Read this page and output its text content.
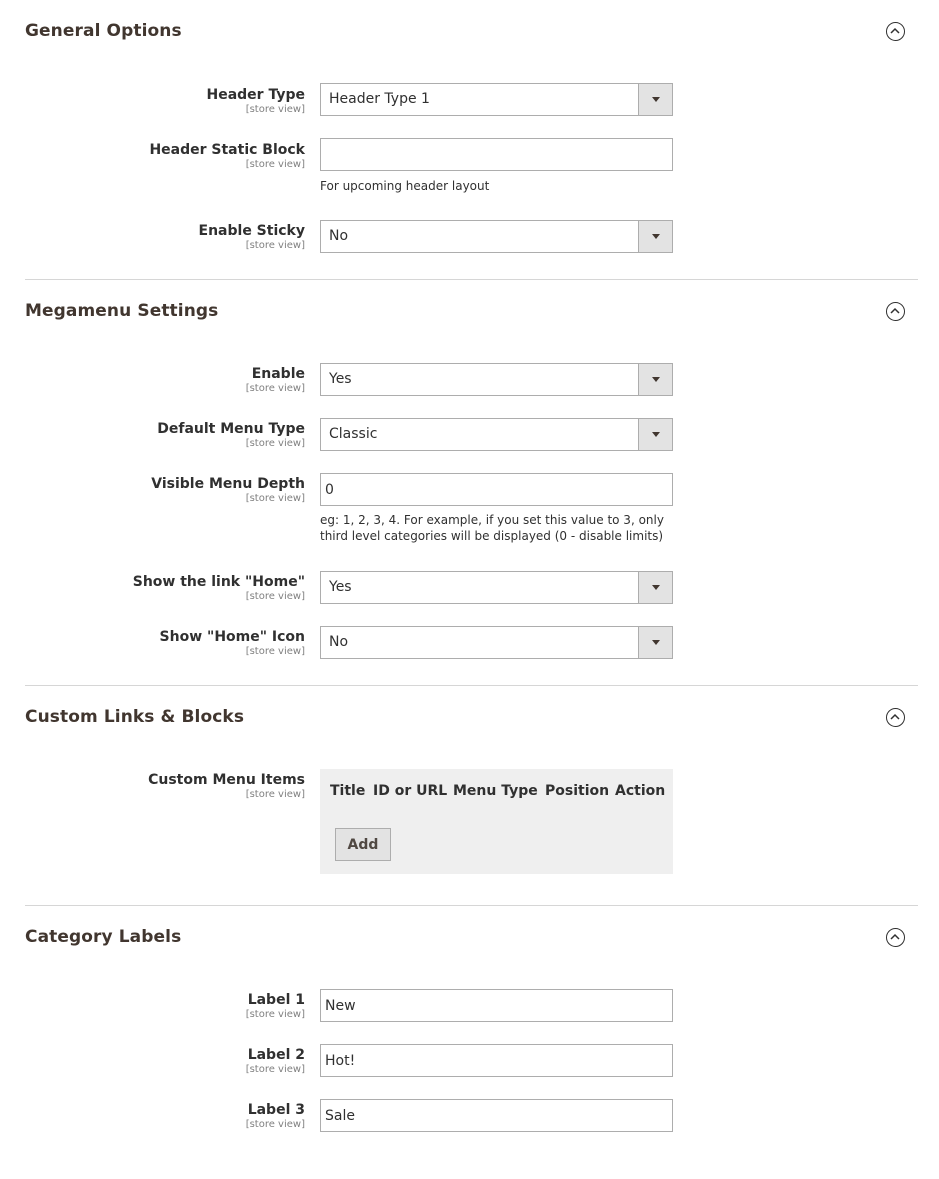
General Options
Header Type
[store view]
Header Type 1
Header Static Block
[store view]
For upcoming header layout
Enable Sticky
[store view]
No
Megamenu Settings
Enable
[store view]
Yes
Default Menu Type
[store view]
Classic
Visible Menu Depth
[store view]
0
eg: 1, 2, 3, 4. For example, if you set this value to 3, only third level categories will be displayed (0 - disable limits)
Show the link "Home"
[store view]
Yes
Show "Home" Icon
[store view]
No
Custom Links & Blocks
Custom Menu Items
[store view] Title ID or URL Menu Type Position Action
Add
Category Labels
Label 1
[store view]
New
Label 2
[store view]
Hot!
Label 3
[store view]
Sale
